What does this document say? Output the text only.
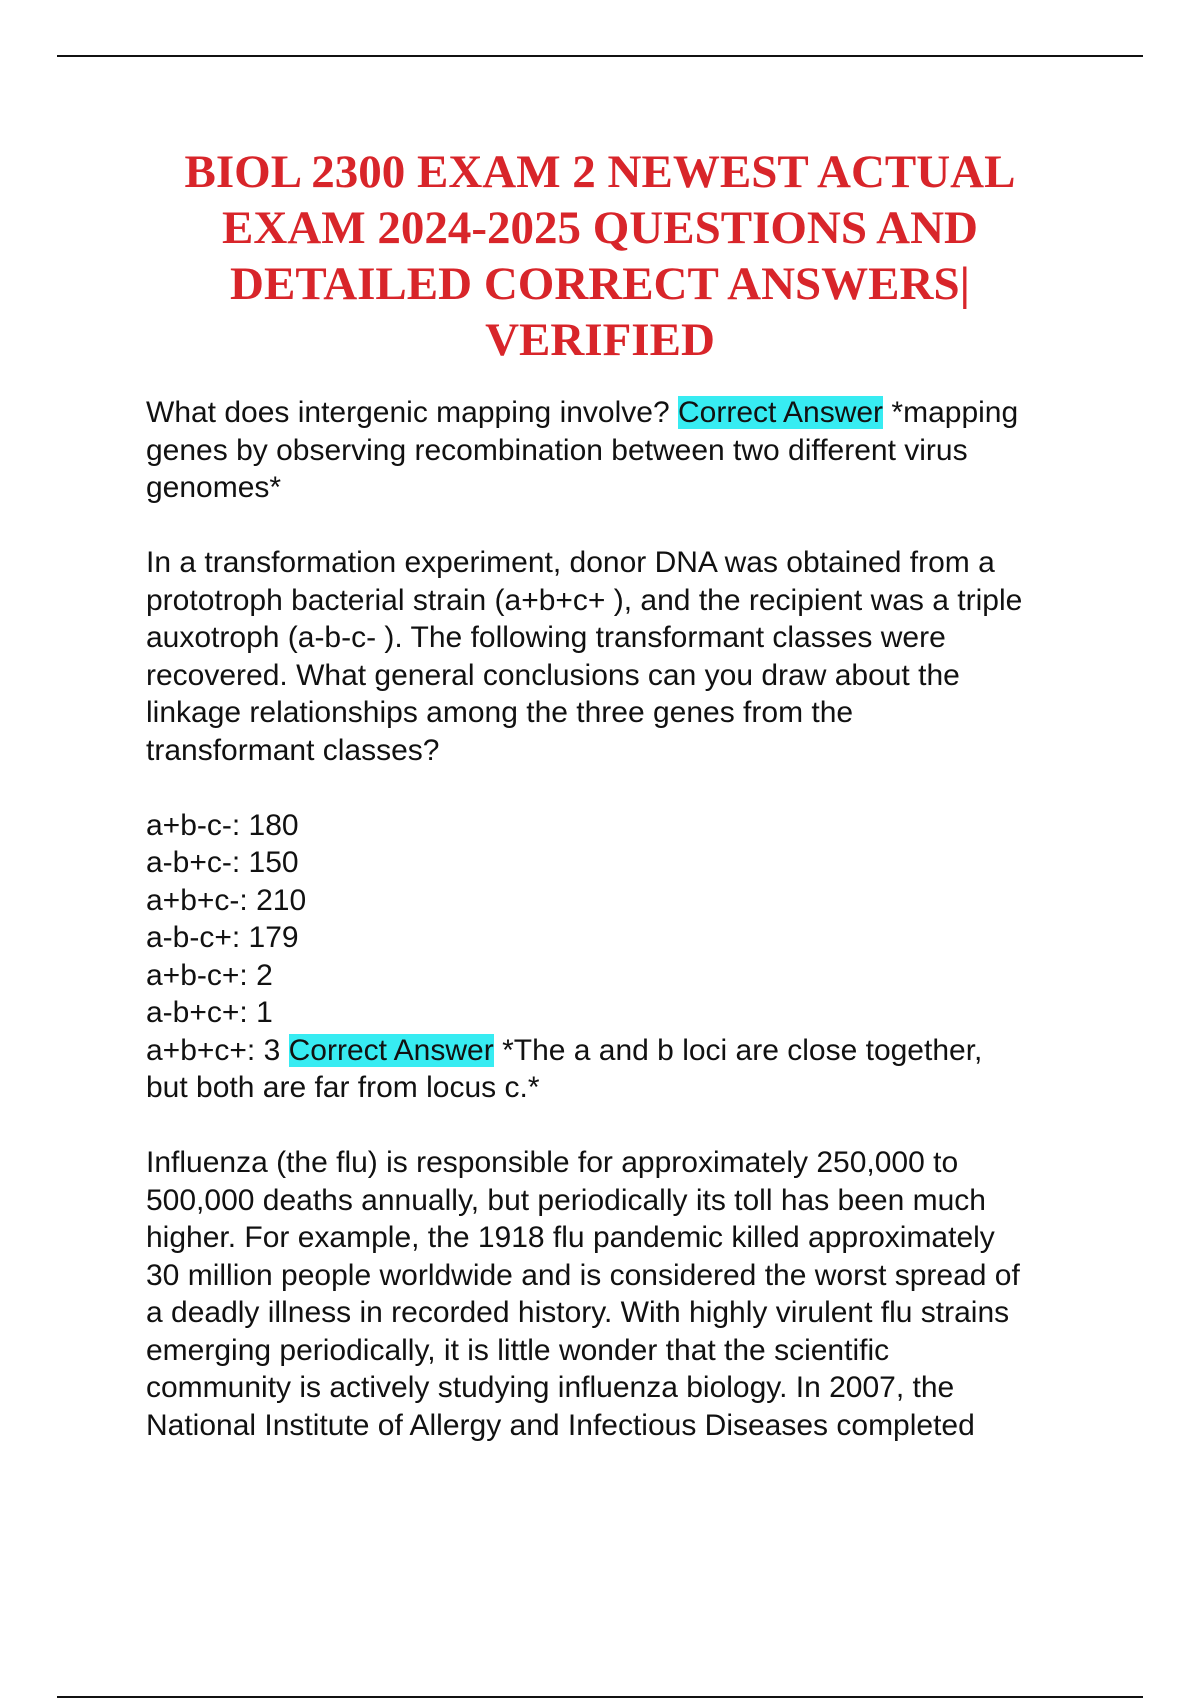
BIOL 2300 EXAM 2 NEWEST ACTUAL
EXAM 2024-2025 QUESTIONS AND
DETAILED CORRECT ANSWERS|
VERIFIED

What does intergenic mapping involve? Correct Answer *mapping
genes by observing recombination between two different virus
genomes*

In a transformation experiment, donor DNA was obtained from a
prototroph bacterial strain (a+b+c+ ), and the recipient was a triple
auxotroph (a-b-c- ). The following transformant classes were
recovered. What general conclusions can you draw about the
linkage relationships among the three genes from the
transformant classes?

a+b-c-: 180
a-b+c-: 150
a+b+c-: 210
a-b-c+: 179
a+b-c+: 2
a-b+c+: 1
a+b+c+: 3 Correct Answer *The a and b loci are close together,
but both are far from locus c.*

Influenza (the flu) is responsible for approximately 250,000 to
500,000 deaths annually, but periodically its toll has been much
higher. For example, the 1918 flu pandemic killed approximately
30 million people worldwide and is considered the worst spread of
a deadly illness in recorded history. With highly virulent flu strains
emerging periodically, it is little wonder that the scientific
community is actively studying influenza biology. In 2007, the
National Institute of Allergy and Infectious Diseases completed
